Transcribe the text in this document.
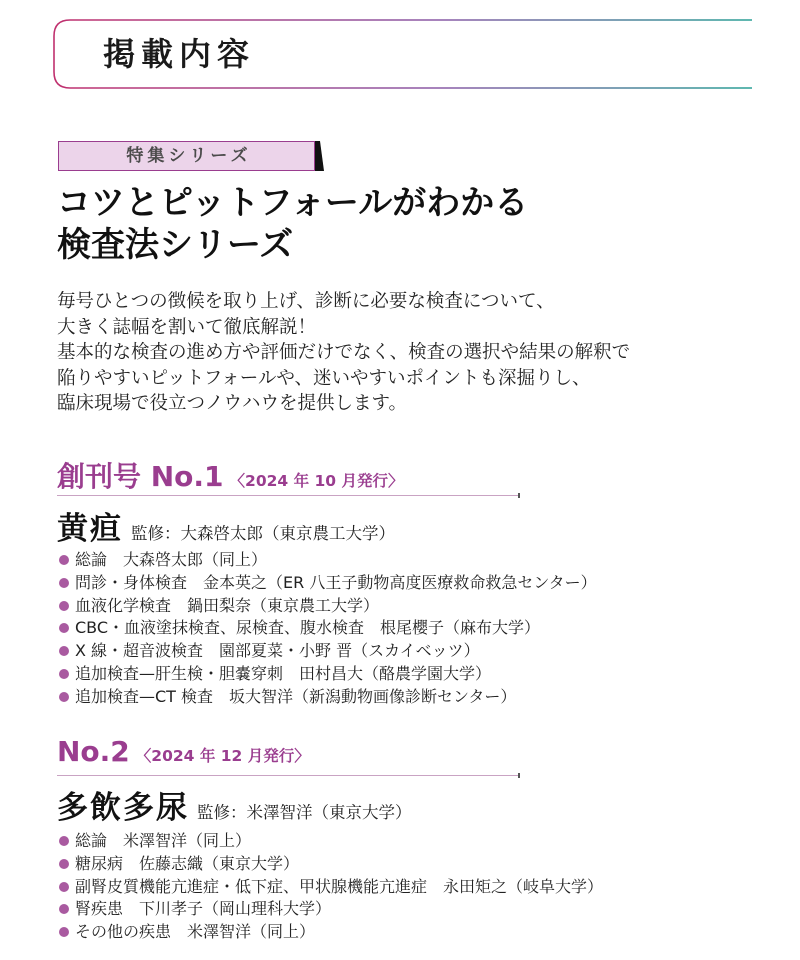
掲載内容
特集シリーズ
コツとピットフォールがわかる
検査法シリーズ
毎号ひとつの徴候を取り上げ、診断に必要な検査について、
大きく誌幅を割いて徹底解説！
基本的な検査の進め方や評価だけでなく、検査の選択や結果の解釈で
陥りやすいピットフォールや、迷いやすいポイントも深掘りし、
臨床現場で役立つノウハウを提供します。
創刊号 No.1 〈2024 年 10 月発行〉
黄疸 監修：大森啓太郎（東京農工大学）
総論　大森啓太郎（同上）
問診・身体検査　金本英之（ER 八王子動物高度医療救命救急センター）
血液化学検査　鍋田梨奈（東京農工大学）
CBC・血液塗抹検査、尿検査、腹水検査　根尾櫻子（麻布大学）
X 線・超音波検査　園部夏菜・小野 晋（スカイベッツ）
追加検査—肝生検・胆嚢穿刺　田村昌大（酪農学園大学）
追加検査—CT 検査　坂大智洋（新潟動物画像診断センター）
No.2 〈2024 年 12 月発行〉
多飲多尿 監修：米澤智洋（東京大学）
総論　米澤智洋（同上）
糖尿病　佐藤志織（東京大学）
副腎皮質機能亢進症・低下症、甲状腺機能亢進症　永田矩之（岐阜大学）
腎疾患　下川孝子（岡山理科大学）
その他の疾患　米澤智洋（同上）
